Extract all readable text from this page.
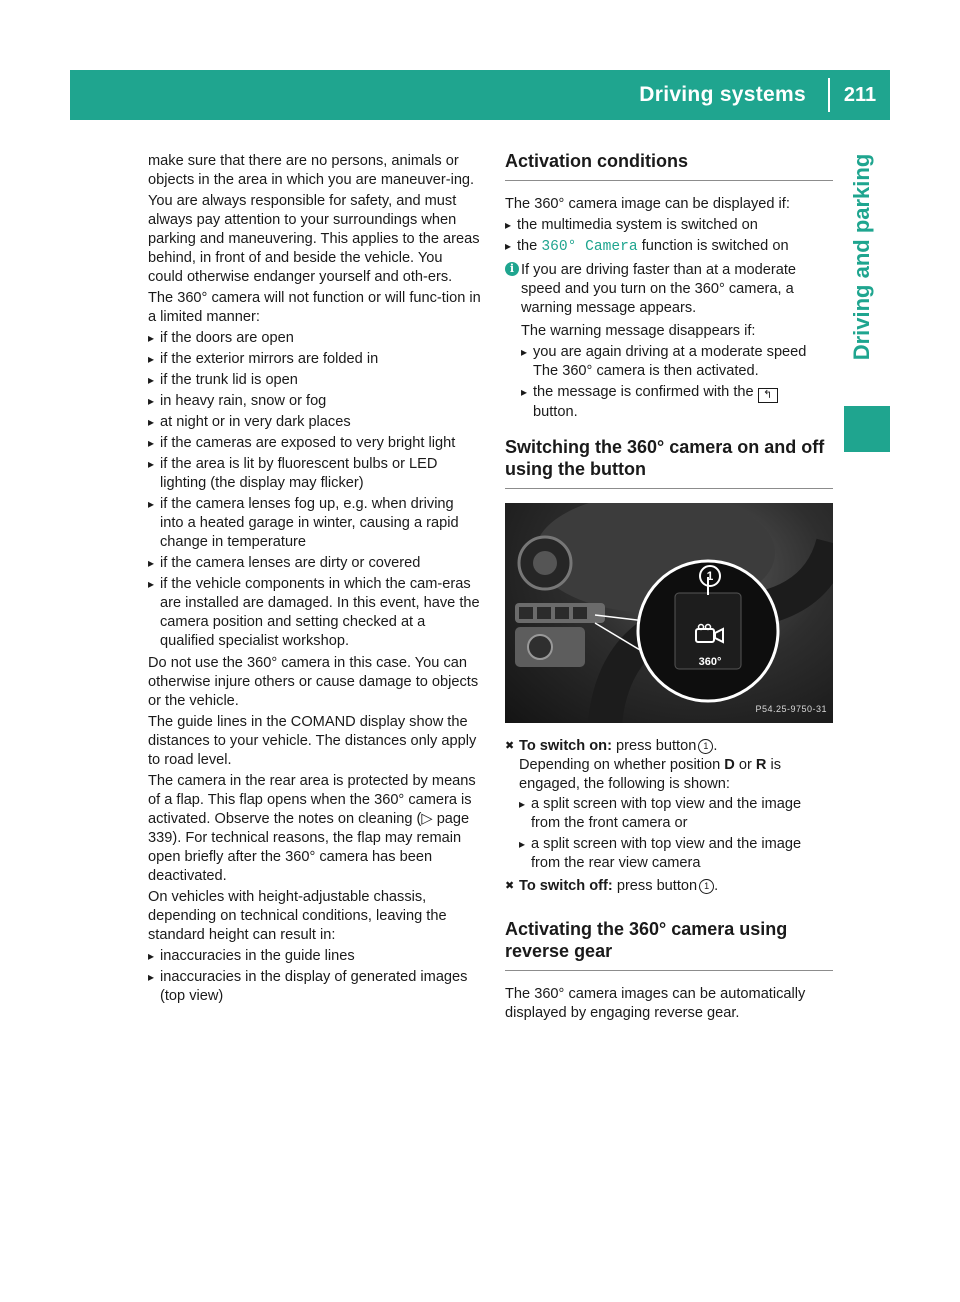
Driving systems	211
Driving and parking

make sure that there are no persons, animals or objects in the area in which you are maneuver-ing.

You are always responsible for safety, and must always pay attention to your surroundings when parking and maneuvering. This applies to the areas behind, in front of and beside the vehicle. You could otherwise endanger yourself and oth-ers.

The 360° camera will not function or will func-tion in a limited manner:

▸ if the doors are open
▸ if the exterior mirrors are folded in
▸ if the trunk lid is open
▸ in heavy rain, snow or fog
▸ at night or in very dark places
▸ if the cameras are exposed to very bright light
▸ if the area is lit by fluorescent bulbs or LED lighting (the display may flicker)
▸ if the camera lenses fog up, e.g. when driving into a heated garage in winter, causing a rapid change in temperature
▸ if the camera lenses are dirty or covered
▸ if the vehicle components in which the cam-eras are installed are damaged. In this event, have the camera position and setting checked at a qualified specialist workshop.

Do not use the 360° camera in this case. You can otherwise injure others or cause damage to objects or the vehicle.

The guide lines in the COMAND display show the distances to your vehicle. The distances only apply to road level.

The camera in the rear area is protected by means of a flap. This flap opens when the 360° camera is activated. Observe the notes on cleaning (▷ page 339). For technical reasons, the flap may remain open briefly after the 360° camera has been deactivated.

On vehicles with height-adjustable chassis, depending on technical conditions, leaving the standard height can result in:

▸ inaccuracies in the guide lines
▸ inaccuracies in the display of generated images (top view)
Activation conditions

The 360° camera image can be displayed if:

▸ the multimedia system is switched on
▸ the 360° Camera function is switched on
i If you are driving faster than at a moderate speed and you turn on the 360° camera, a warning message appears.

The warning message disappears if:

▸ you are again driving at a moderate speed The 360° camera is then activated.
▸ the message is confirmed with the ↰
button.
Switching the 360° camera on and off using the button
1
360°
P54.25-9750-31
✖ To switch on: press button 1 .
Depending on whether position D or R is engaged, the following is shown:
▸ a split screen with top view and the image from the front camera or
▸ a split screen with top view and the image from the rear view camera
✖ To switch off: press button 1 .
Activating the 360° camera using reverse gear

The 360° camera images can be automatically displayed by engaging reverse gear.
